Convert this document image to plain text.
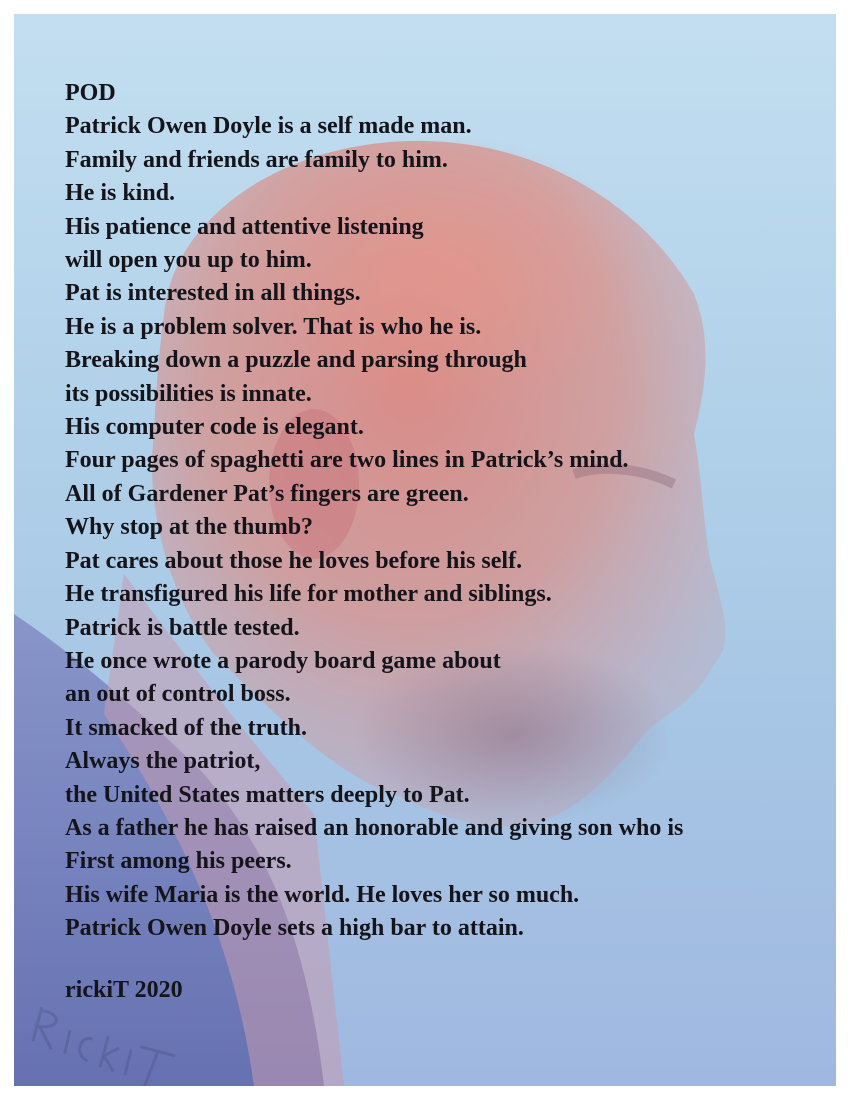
POD
Patrick Owen Doyle is a self made man.
Family and friends are family to him.
He is kind.
His patience and attentive listening
will open you up to him.
Pat is interested in all things.
He is a problem solver. That is who he is.
Breaking down a puzzle and parsing through
its possibilities is innate.
His computer code is elegant.
Four pages of spaghetti are two lines in Patrick’s mind.
All of Gardener Pat’s fingers are green.
Why stop at the thumb?
Pat cares about those he loves before his self.
He transfigured his life for mother and siblings.
Patrick is battle tested.
He once wrote a parody board game about
an out of control boss.
It smacked of the truth.
Always the patriot,
the United States matters deeply to Pat.
As a father he has raised an honorable and giving son who is
First among his peers.
His wife Maria is the world. He loves her so much.
Patrick Owen Doyle sets a high bar to attain.
rickiT 2020
